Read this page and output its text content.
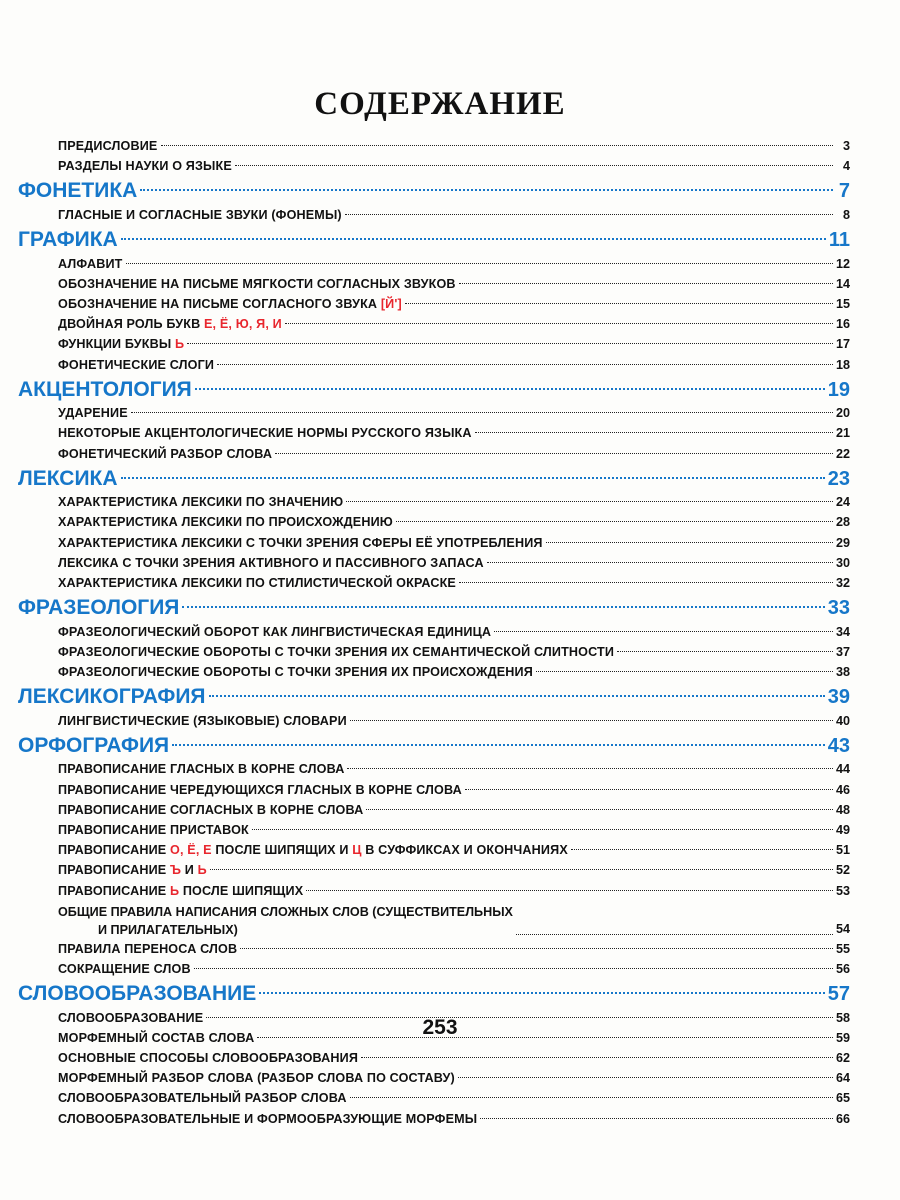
СОДЕРЖАНИЕ
ПРЕДИСЛОВИЕ	3
РАЗДЕЛЫ НАУКИ О ЯЗЫКЕ	4
ФОНЕТИКА	7
ГЛАСНЫЕ И СОГЛАСНЫЕ ЗВУКИ (ФОНЕМЫ)	8
ГРАФИКА	11
АЛФАВИТ	12
ОБОЗНАЧЕНИЕ НА ПИСЬМЕ МЯГКОСТИ СОГЛАСНЫХ ЗВУКОВ	14
ОБОЗНАЧЕНИЕ НА ПИСЬМЕ СОГЛАСНОГО ЗВУКА [Й']	15
ДВОЙНАЯ РОЛЬ БУКВ Е, Ё, Ю, Я, И	16
ФУНКЦИИ БУКВЫ Ь	17
ФОНЕТИЧЕСКИЕ СЛОГИ	18
АКЦЕНТОЛОГИЯ	19
УДАРЕНИЕ	20
НЕКОТОРЫЕ АКЦЕНТОЛОГИЧЕСКИЕ НОРМЫ РУССКОГО ЯЗЫКА	21
ФОНЕТИЧЕСКИЙ РАЗБОР СЛОВА	22
ЛЕКСИКА	23
ХАРАКТЕРИСТИКА ЛЕКСИКИ ПО ЗНАЧЕНИЮ	24
ХАРАКТЕРИСТИКА ЛЕКСИКИ ПО ПРОИСХОЖДЕНИЮ	28
ХАРАКТЕРИСТИКА ЛЕКСИКИ С ТОЧКИ ЗРЕНИЯ СФЕРЫ ЕЁ УПОТРЕБЛЕНИЯ	29
ЛЕКСИКА С ТОЧКИ ЗРЕНИЯ АКТИВНОГО И ПАССИВНОГО ЗАПАСА	30
ХАРАКТЕРИСТИКА ЛЕКСИКИ ПО СТИЛИСТИЧЕСКОЙ ОКРАСКЕ	32
ФРАЗЕОЛОГИЯ	33
ФРАЗЕОЛОГИЧЕСКИЙ ОБОРОТ КАК ЛИНГВИСТИЧЕСКАЯ ЕДИНИЦА	34
ФРАЗЕОЛОГИЧЕСКИЕ ОБОРОТЫ С ТОЧКИ ЗРЕНИЯ ИХ СЕМАНТИЧЕСКОЙ СЛИТНОСТИ	37
ФРАЗЕОЛОГИЧЕСКИЕ ОБОРОТЫ С ТОЧКИ ЗРЕНИЯ ИХ ПРОИСХОЖДЕНИЯ	38
ЛЕКСИКОГРАФИЯ	39
ЛИНГВИСТИЧЕСКИЕ (ЯЗЫКОВЫЕ) СЛОВАРИ	40
ОРФОГРАФИЯ	43
ПРАВОПИСАНИЕ ГЛАСНЫХ В КОРНЕ СЛОВА	44
ПРАВОПИСАНИЕ ЧЕРЕДУЮЩИХСЯ ГЛАСНЫХ В КОРНЕ СЛОВА	46
ПРАВОПИСАНИЕ СОГЛАСНЫХ В КОРНЕ СЛОВА	48
ПРАВОПИСАНИЕ ПРИСТАВОК	49
ПРАВОПИСАНИЕ О, Ё, Е ПОСЛЕ ШИПЯЩИХ И Ц В СУФФИКСАХ И ОКОНЧАНИЯХ	51
ПРАВОПИСАНИЕ Ъ И Ь	52
ПРАВОПИСАНИЕ Ь ПОСЛЕ ШИПЯЩИХ	53
ОБЩИЕ ПРАВИЛА НАПИСАНИЯ СЛОЖНЫХ СЛОВ (СУЩЕСТВИТЕЛЬНЫХ
И ПРИЛАГАТЕЛЬНЫХ)	54
ПРАВИЛА ПЕРЕНОСА СЛОВ	55
СОКРАЩЕНИЕ СЛОВ	56
СЛОВООБРАЗОВАНИЕ	57
СЛОВООБРАЗОВАНИЕ	58
МОРФЕМНЫЙ СОСТАВ СЛОВА	59
ОСНОВНЫЕ СПОСОБЫ СЛОВООБРАЗОВАНИЯ	62
МОРФЕМНЫЙ РАЗБОР СЛОВА (РАЗБОР СЛОВА ПО СОСТАВУ)	64
СЛОВООБРАЗОВАТЕЛЬНЫЙ РАЗБОР СЛОВА	65
СЛОВООБРАЗОВАТЕЛЬНЫЕ И ФОРМООБРАЗУЮЩИЕ МОРФЕМЫ	66
253
